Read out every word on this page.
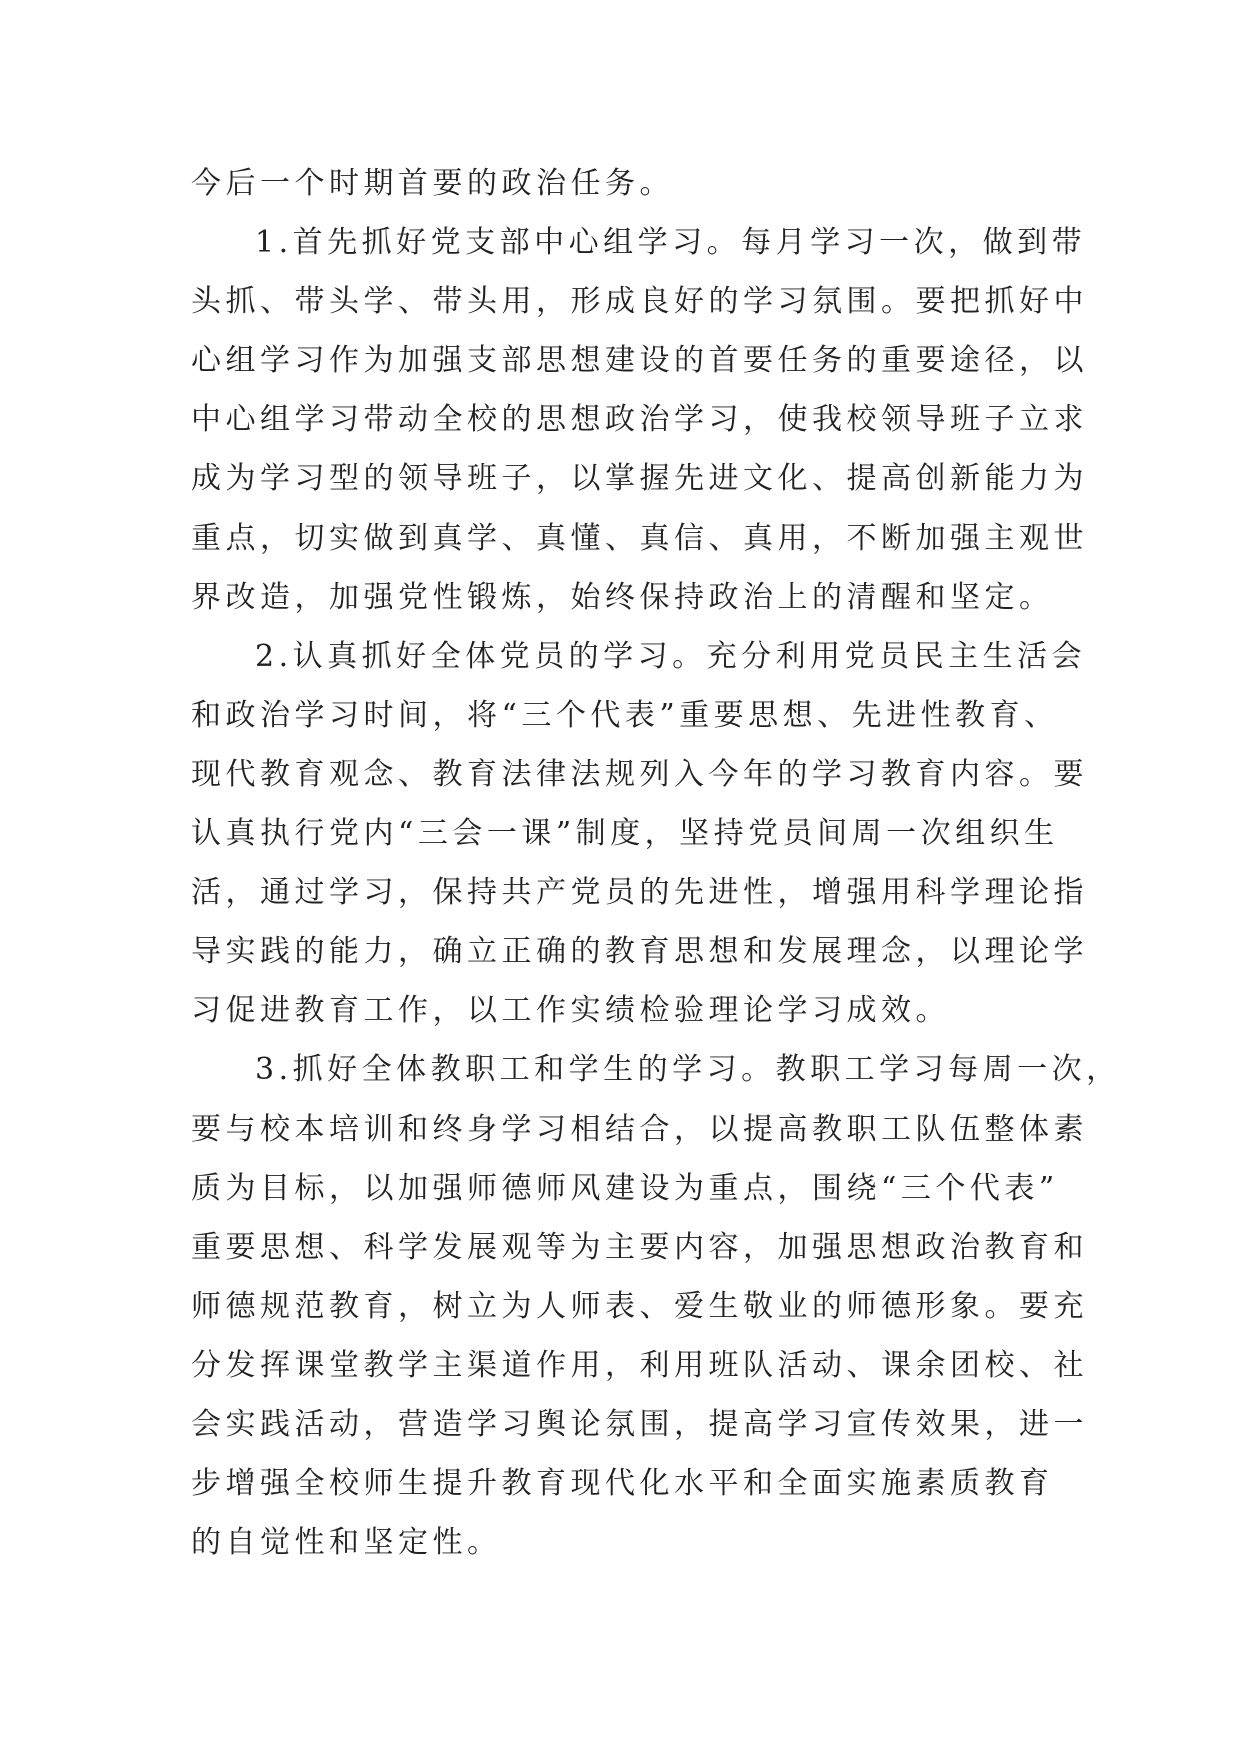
今后一个时期首要的政治任务。
1.首先抓好党支部中心组学习。每月学习一次，做到带
头抓、带头学、带头用，形成良好的学习氛围。要把抓好中
心组学习作为加强支部思想建设的首要任务的重要途径，以
中心组学习带动全校的思想政治学习，使我校领导班子立求
成为学习型的领导班子，以掌握先进文化、提高创新能力为
重点，切实做到真学、真懂、真信、真用，不断加强主观世
界改造，加强党性锻炼，始终保持政治上的清醒和坚定。
2.认真抓好全体党员的学习。充分利用党员民主生活会
和政治学习时间，将“三个代表”重要思想、先进性教育、
现代教育观念、教育法律法规列入今年的学习教育内容。要
认真执行党内“三会一课”制度，坚持党员间周一次组织生
活，通过学习，保持共产党员的先进性，增强用科学理论指
导实践的能力，确立正确的教育思想和发展理念，以理论学
习促进教育工作，以工作实绩检验理论学习成效。
3.抓好全体教职工和学生的学习。教职工学习每周一次，
要与校本培训和终身学习相结合，以提高教职工队伍整体素
质为目标，以加强师德师风建设为重点，围绕“三个代表”
重要思想、科学发展观等为主要内容，加强思想政治教育和
师德规范教育，树立为人师表、爱生敬业的师德形象。要充
分发挥课堂教学主渠道作用，利用班队活动、课余团校、社
会实践活动，营造学习舆论氛围，提高学习宣传效果，进一
步增强全校师生提升教育现代化水平和全面实施素质教育
的自觉性和坚定性。
